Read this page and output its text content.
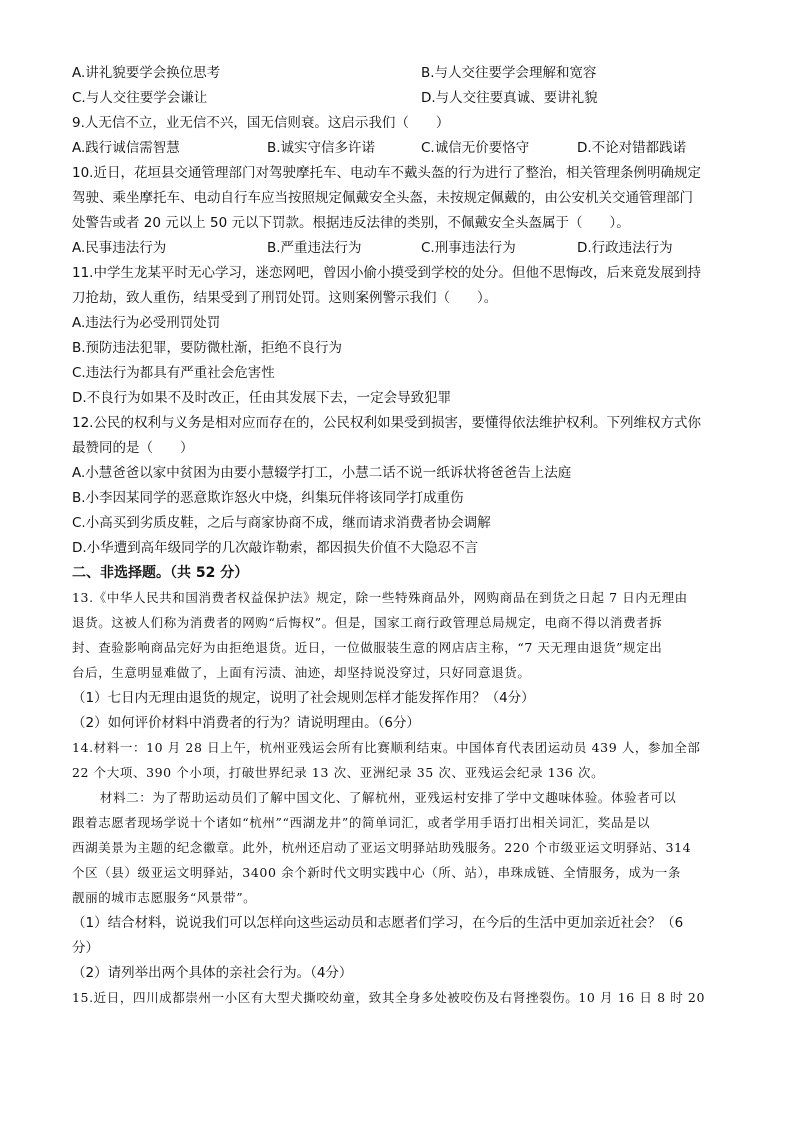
A.讲礼貌要学会换位思考	B.与人交往要学会理解和宽容
C.与人交往要学会谦让	D.与人交往要真诚、要讲礼貌
9.人无信不立，业无信不兴，国无信则衰。这启示我们（　　）
A.践行诚信需智慧	B.诚实守信多许诺	C.诚信无价要恪守	D.不论对错都践诺
10.近日，花垣县交通管理部门对驾驶摩托车、电动车不戴头盔的行为进行了整治，相关管理条例明确规定
驾驶、乘坐摩托车、电动自行车应当按照规定佩戴安全头盔，未按规定佩戴的，由公安机关交通管理部门
处警告或者 20 元以上 50 元以下罚款。根据违反法律的类别，不佩戴安全头盔属于（　　）。
A.民事违法行为	B.严重违法行为	C.刑事违法行为	D.行政违法行为
11.中学生龙某平时无心学习，迷恋网吧，曾因小偷小摸受到学校的处分。但他不思悔改，后来竟发展到持
刀抢劫，致人重伤，结果受到了刑罚处罚。这则案例警示我们（　　）。
A.违法行为必受刑罚处罚
B.预防违法犯罪，要防微杜渐，拒绝不良行为
C.违法行为都具有严重社会危害性
D.不良行为如果不及时改正，任由其发展下去，一定会导致犯罪
12.公民的权利与义务是相对应而存在的，公民权利如果受到损害，要懂得依法维护权利。下列维权方式你
最赞同的是（　　）
A.小慧爸爸以家中贫困为由要小慧辍学打工，小慧二话不说一纸诉状将爸爸告上法庭
B.小李因某同学的恶意欺诈怒火中烧，纠集玩伴将该同学打成重伤
C.小高买到劣质皮鞋，之后与商家协商不成，继而请求消费者协会调解
D.小华遭到高年级同学的几次敲诈勒索，都因损失价值不大隐忍不言
二、非选择题。（共 52 分）
13.《中华人民共和国消费者权益保护法》规定，除一些特殊商品外，网购商品在到货之日起 7 日内无理由
退货。这被人们称为消费者的网购“后悔权”。但是，国家工商行政管理总局规定，电商不得以消费者拆
封、查验影响商品完好为由拒绝退货。近日，一位做服装生意的网店店主称，“7 天无理由退货”规定出
台后，生意明显难做了，上面有污渍、油迹，却坚持说没穿过，只好同意退货。
（1）七日内无理由退货的规定，说明了社会规则怎样才能发挥作用？（4分）
（2）如何评价材料中消费者的行为？请说明理由。（6分）
14.材料一：10 月 28 日上午，杭州亚残运会所有比赛顺利结束。中国体育代表团运动员 439 人，参加全部
22 个大项、390 个小项，打破世界纪录 13 次、亚洲纪录 35 次、亚残运会纪录 136 次。
材料二：为了帮助运动员们了解中国文化、了解杭州，亚残运村安排了学中文趣味体验。体验者可以
跟着志愿者现场学说十个诸如“杭州”“西湖龙井”的简单词汇，或者学用手语打出相关词汇，奖品是以
西湖美景为主题的纪念徽章。此外，杭州还启动了亚运文明驿站助残服务。220 个市级亚运文明驿站、314
个区（县）级亚运文明驿站，3400 余个新时代文明实践中心（所、站），串珠成链、全情服务，成为一条
靓丽的城市志愿服务“风景带”。
（1）结合材料，说说我们可以怎样向这些运动员和志愿者们学习，在今后的生活中更加亲近社会？（6
分）
（2）请列举出两个具体的亲社会行为。（4分）
15.近日，四川成都崇州一小区有大型犬撕咬幼童，致其全身多处被咬伤及右肾挫裂伤。10 月 16 日 8 时 20
